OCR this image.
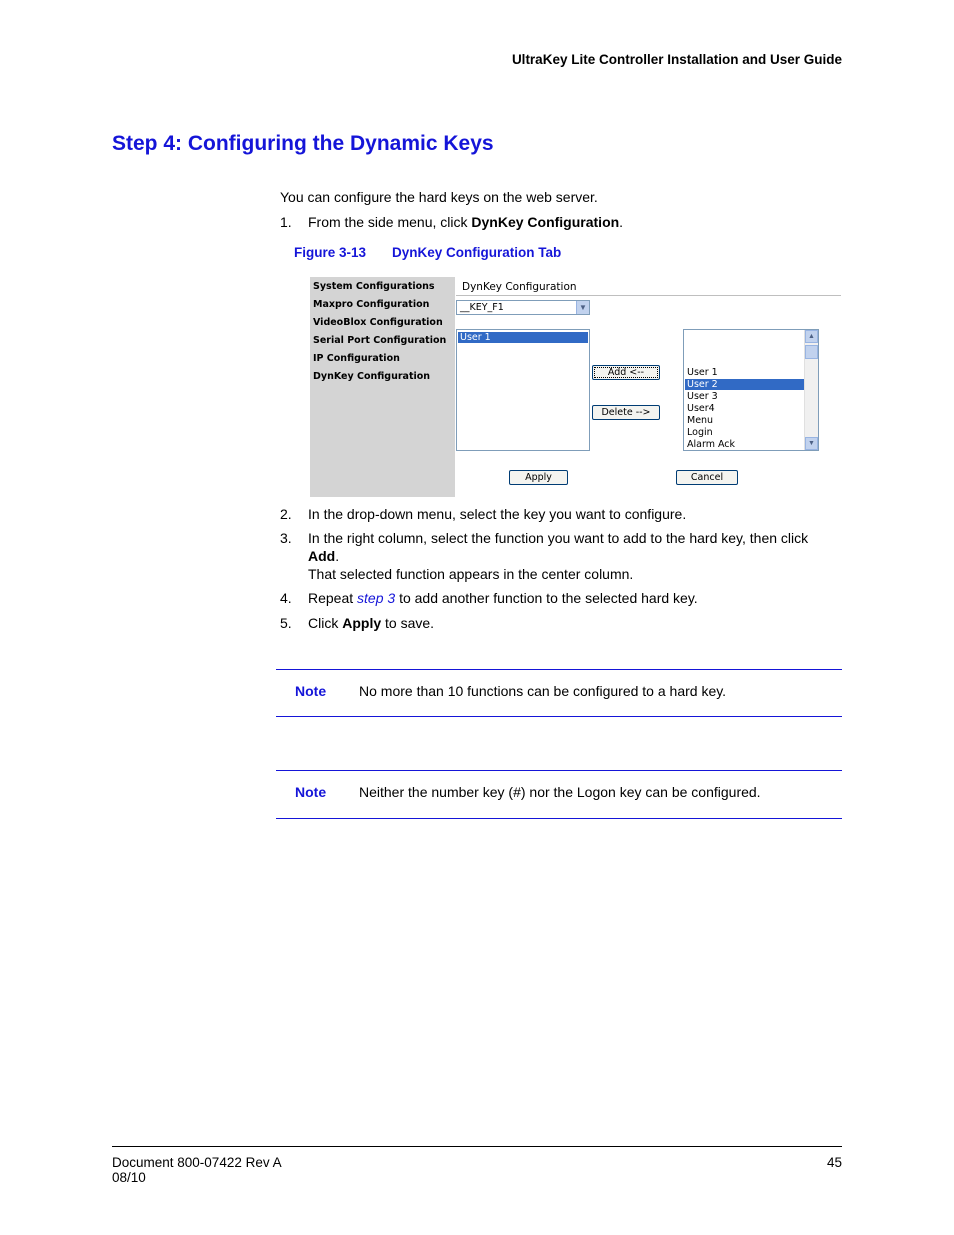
UltraKey Lite Controller Installation and User Guide
Step 4: Configuring the Dynamic Keys
You can configure the hard keys on the web server.
1. From the side menu, click DynKey Configuration.
Figure 3-13 DynKey Configuration Tab
System Configurations
Maxpro Configuration
VideoBlox Configuration
Serial Port Configuration
IP Configuration
DynKey Configuration
DynKey Configuration
__KEY_F1	▼
User 1
Add <--
Delete -->
User 1
User 2
User 3
User4
Menu
Login
Alarm Ack
▲
▼
Apply	Cancel
2. In the drop-down menu, select the key you want to configure.
3. In the right column, select the function you want to add to the hard key, then click Add.
That selected function appears in the center column.
4. Repeat step 3 to add another function to the selected hard key.
5. Click Apply to save.
Note No more than 10 functions can be configured to a hard key.
Note Neither the number key (#) nor the Logon key can be configured.
Document 800-07422 Rev A
08/10
45
